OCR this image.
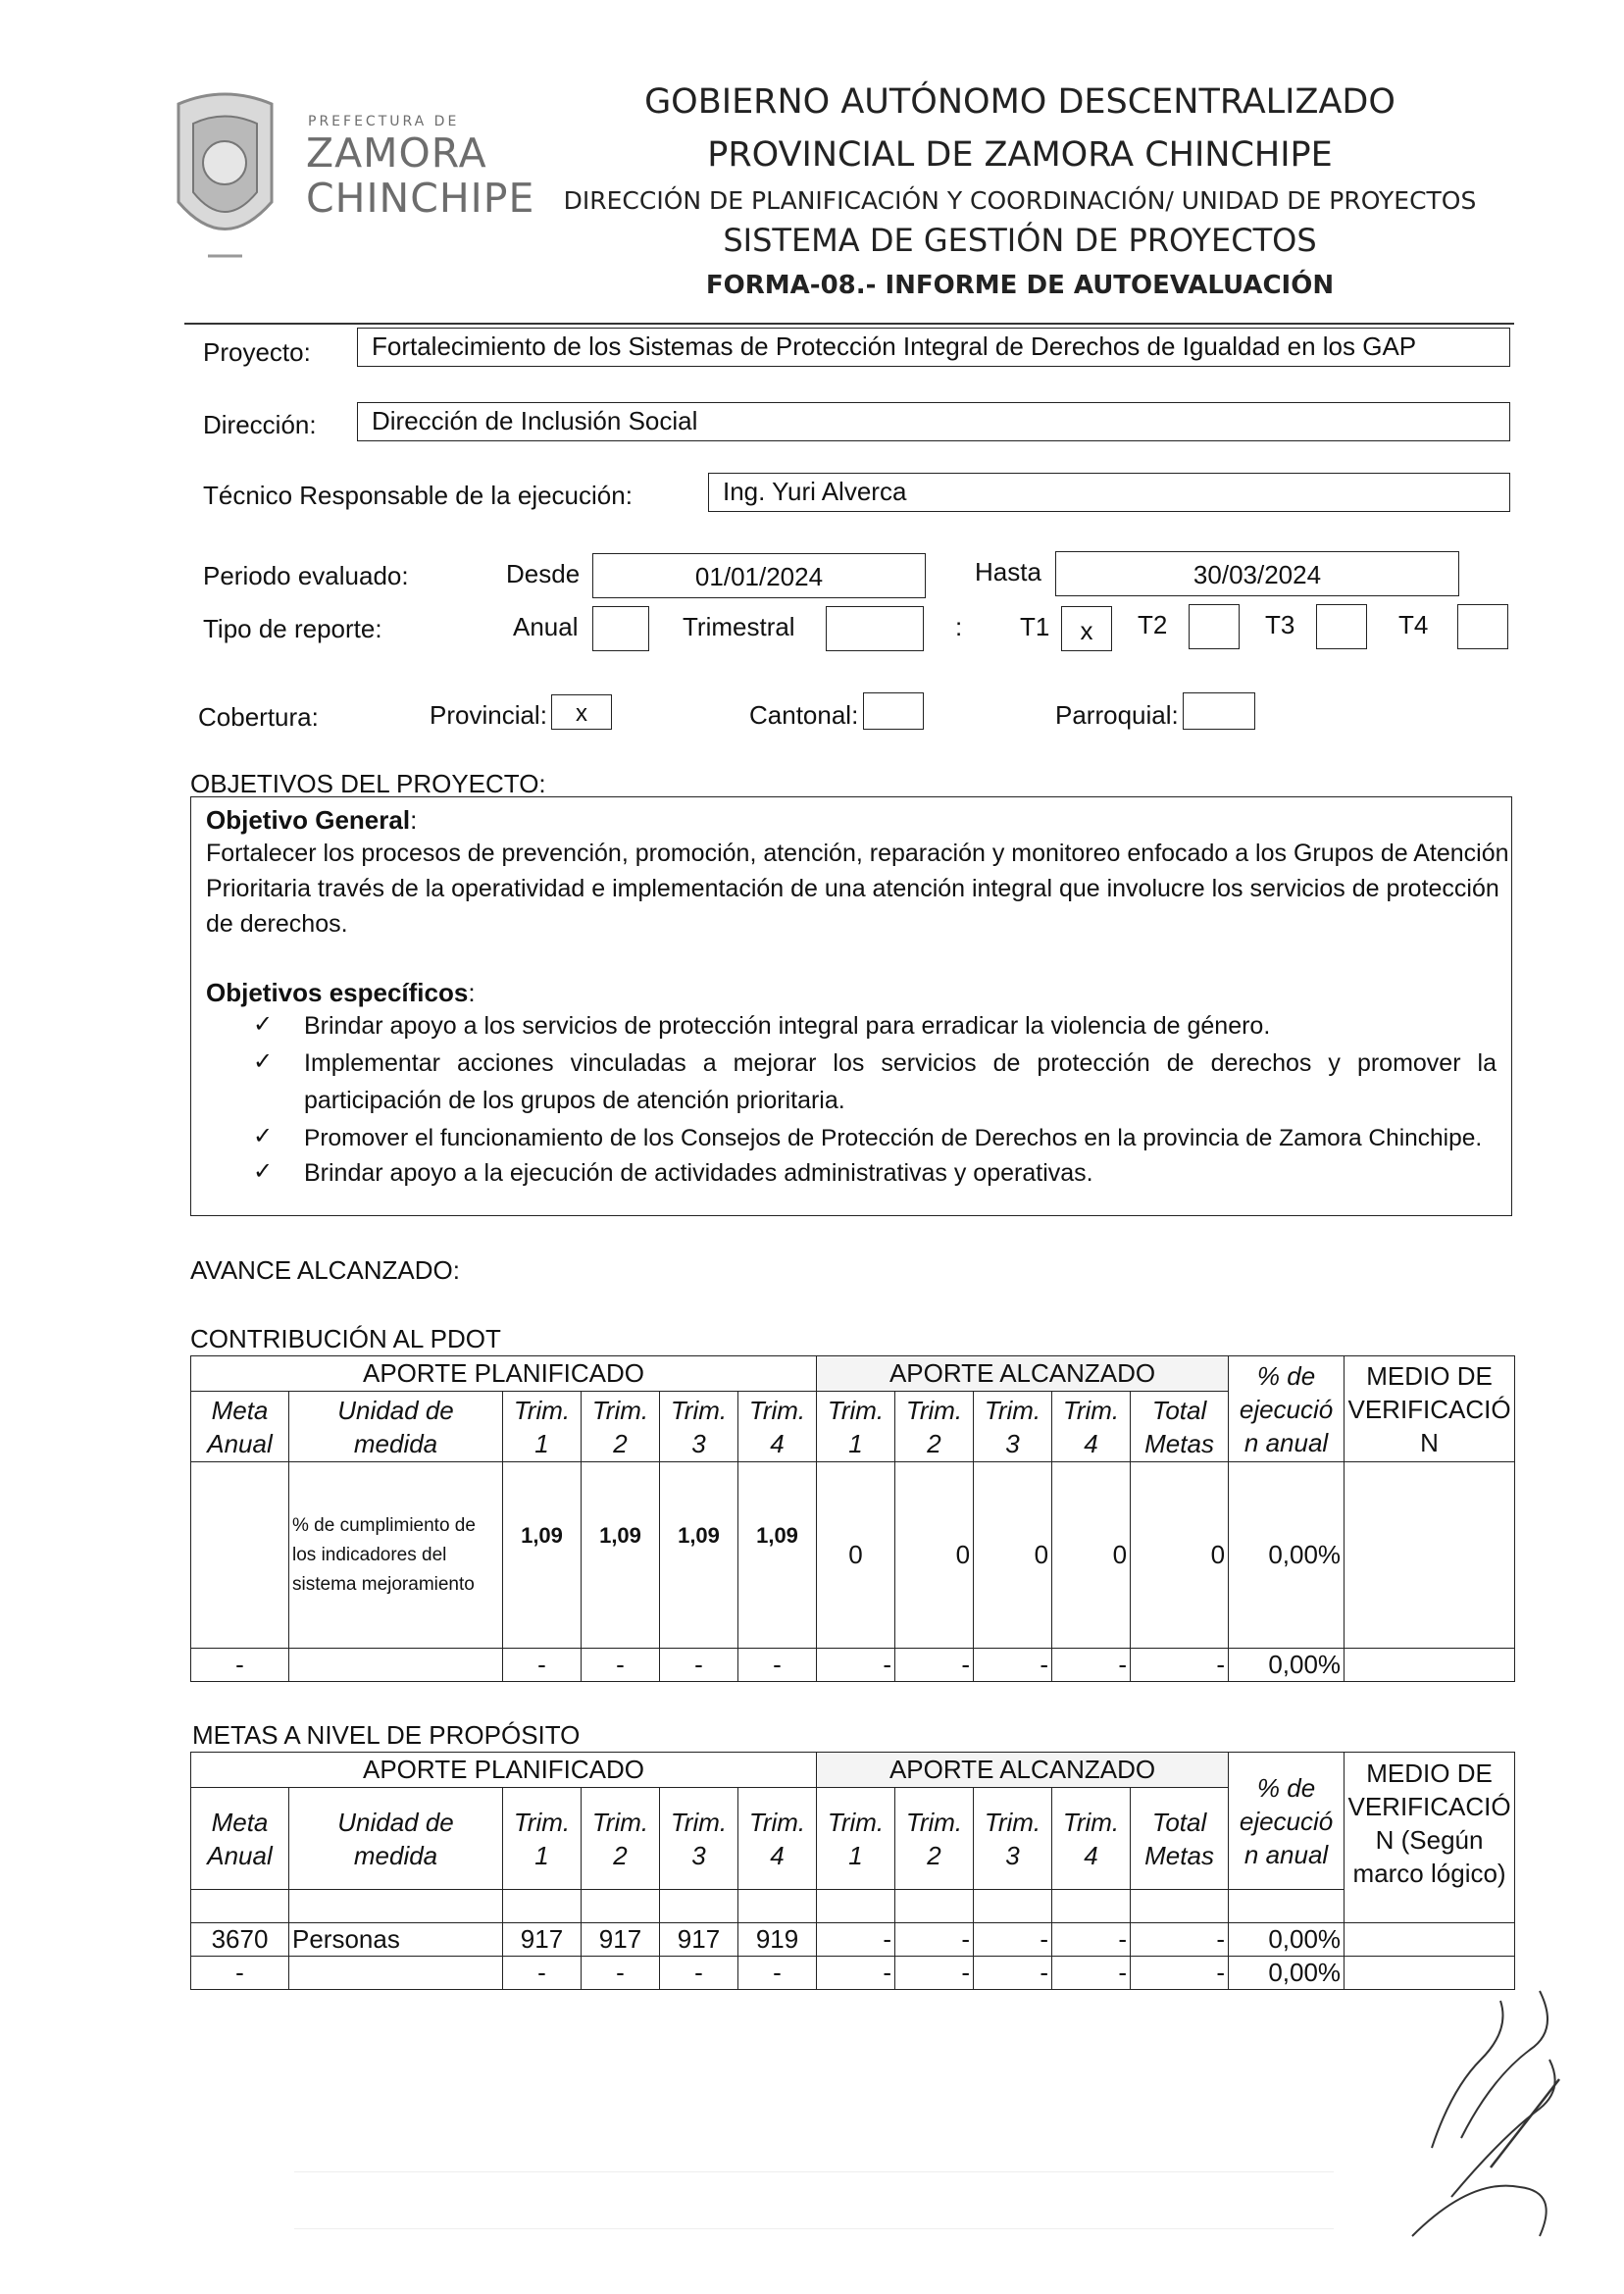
PREFECTURA DE
ZAMORA
CHINCHIPE
GOBIERNO AUTÓNOMO DESCENTRALIZADO
PROVINCIAL DE ZAMORA CHINCHIPE
DIRECCIÓN DE PLANIFICACIÓN Y COORDINACIÓN/ UNIDAD DE PROYECTOS
SISTEMA DE GESTIÓN DE PROYECTOS
FORMA-08.- INFORME DE AUTOEVALUACIÓN
Proyecto:	Fortalecimiento de los Sistemas de Protección Integral de Derechos de Igualdad en los GAP
Dirección:	Dirección de Inclusión Social
Técnico Responsable de la ejecución:	Ing. Yuri Alverca
Periodo evaluado:	Desde	01/01/2024	Hasta	30/03/2024
Tipo de reporte:	Anual	Trimestral	: T1	x	T2	T3	T4
Cobertura:	Provincial:	x	Cantonal:	Parroquial:
OBJETIVOS DEL PROYECTO:
Objetivo General:
Fortalecer los procesos de prevención, promoción, atención, reparación y monitoreo enfocado a los Grupos de Atención
Prioritaria través de la operatividad e implementación de una atención integral que involucre los servicios de protección
de derechos.
Objetivos específicos:
✓ Brindar apoyo a los servicios de protección integral para erradicar la violencia de género.
✓ Implementar acciones vinculadas a mejorar los servicios de protección de derechos y promover la
participación de los grupos de atención prioritaria.
✓ Promover el funcionamiento de los Consejos de Protección de Derechos en la provincia de Zamora Chinchipe.
✓ Brindar apoyo a la ejecución de actividades administrativas y operativas.
AVANCE ALCANZADO:
CONTRIBUCIÓN AL PDOT
APORTE PLANIFICADO						APORTE ALCANZADO					% de ejecució n anual	MEDIO DE VERIFICACIÓ N
Meta Anual	Unidad de medida	Trim. 1	Trim. 2	Trim. 3	Trim. 4	Trim. 1	Trim. 2	Trim. 3	Trim. 4	Total Metas		
	% de cumplimiento de los indicadores del sistema mejoramiento	1,09	1,09	1,09	1,09	0	0	0	0	0	0,00%	
-		-	-	-	-	-	-	-	-	-	0,00%	
METAS A NIVEL DE PROPÓSITO
APORTE PLANIFICADO						APORTE ALCANZADO					% de ejecució n anual	MEDIO DE VERIFICACIÓ N (Según marco lógico)
Meta Anual	Unidad de medida	Trim. 1	Trim. 2	Trim. 3	Trim. 4	Trim. 1	Trim. 2	Trim. 3	Trim. 4	Total Metas		

3670	Personas	917	917	917	919	-	-	-	-	-	0,00%	
-		-	-	-	-	-	-	-	-	-	0,00%	
